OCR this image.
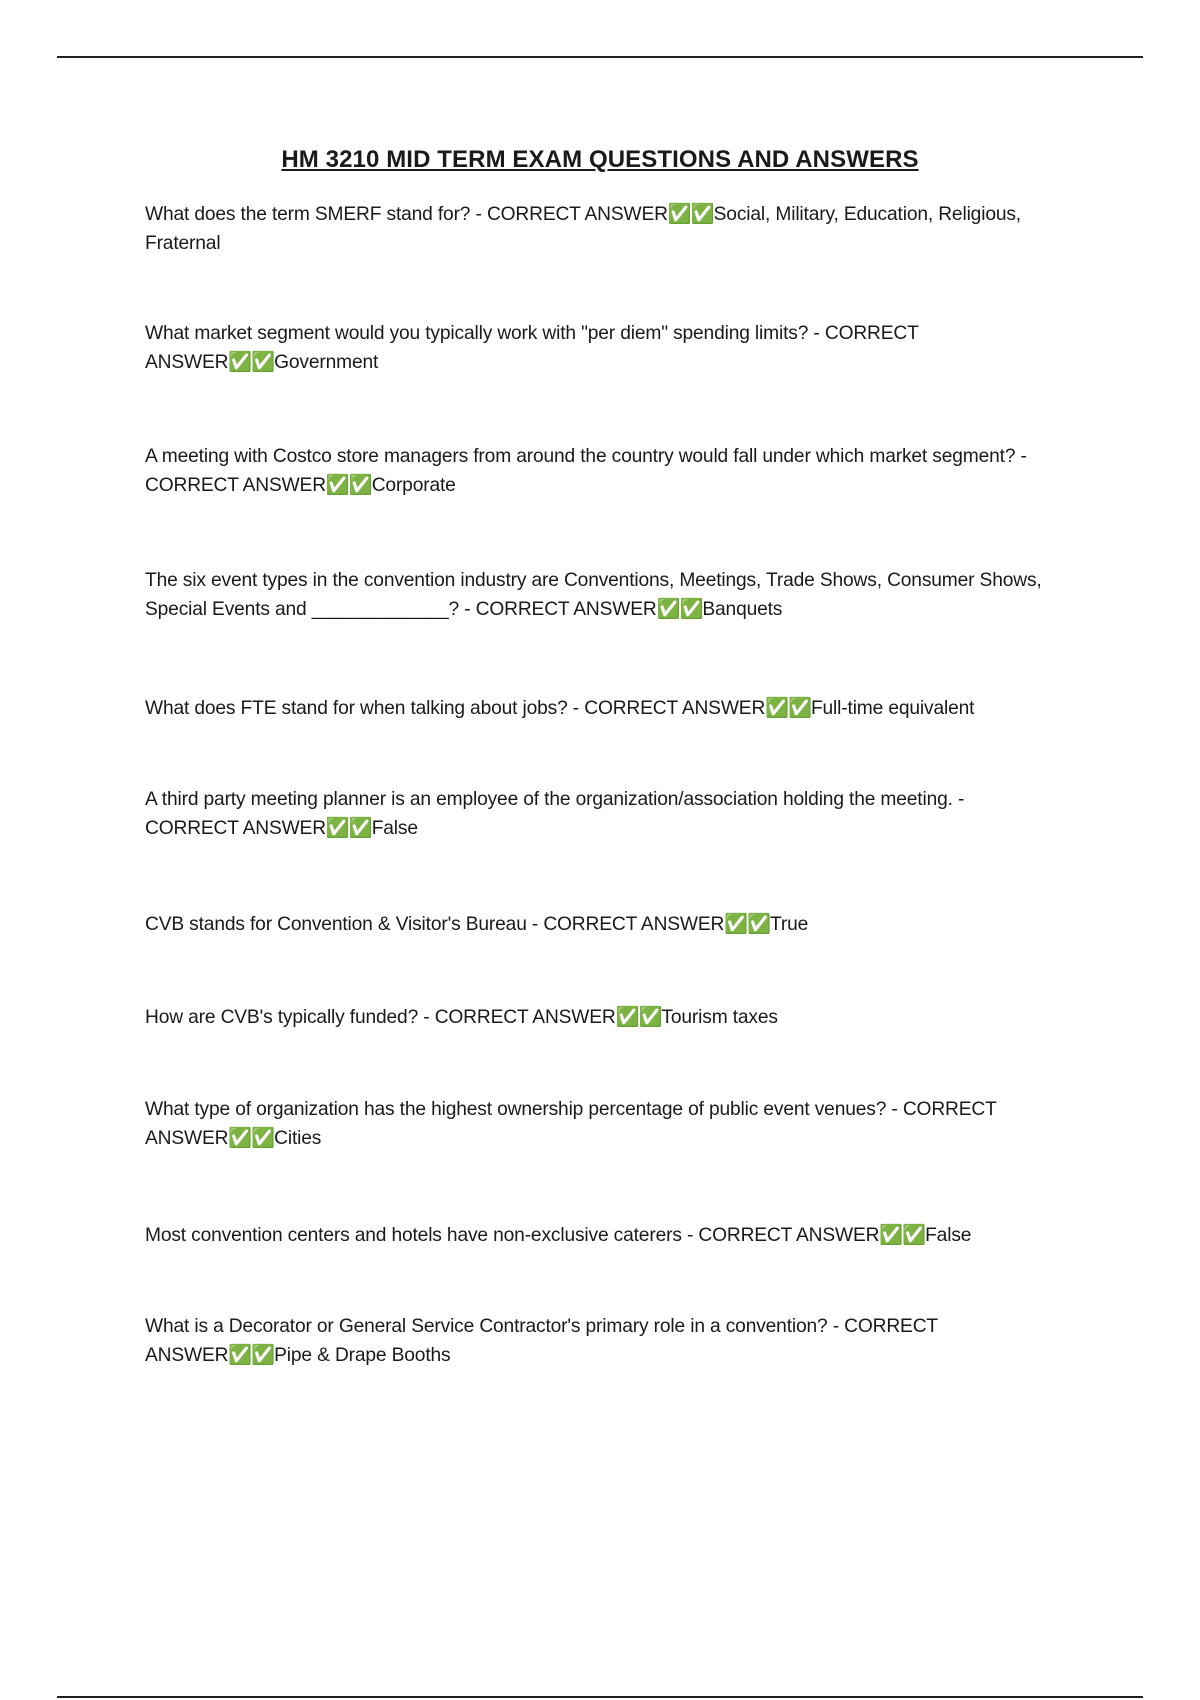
HM 3210 MID TERM EXAM QUESTIONS AND ANSWERS

What does the term SMERF stand for? - CORRECT ANSWER✅✅Social, Military, Education, Religious, Fraternal

What market segment would you typically work with "per diem" spending limits? - CORRECT ANSWER✅✅Government

A meeting with Costco store managers from around the country would fall under which market segment? - CORRECT ANSWER✅✅Corporate

The six event types in the convention industry are Conventions, Meetings, Trade Shows, Consumer Shows, Special Events and _____________? - CORRECT ANSWER✅✅Banquets

What does FTE stand for when talking about jobs? - CORRECT ANSWER✅✅Full-time equivalent

A third party meeting planner is an employee of the organization/association holding the meeting. - CORRECT ANSWER✅✅False

CVB stands for Convention & Visitor's Bureau - CORRECT ANSWER✅✅True

How are CVB's typically funded? - CORRECT ANSWER✅✅Tourism taxes

What type of organization has the highest ownership percentage of public event venues? - CORRECT ANSWER✅✅Cities

Most convention centers and hotels have non-exclusive caterers - CORRECT ANSWER✅✅False

What is a Decorator or General Service Contractor's primary role in a convention? - CORRECT ANSWER✅✅Pipe & Drape Booths
